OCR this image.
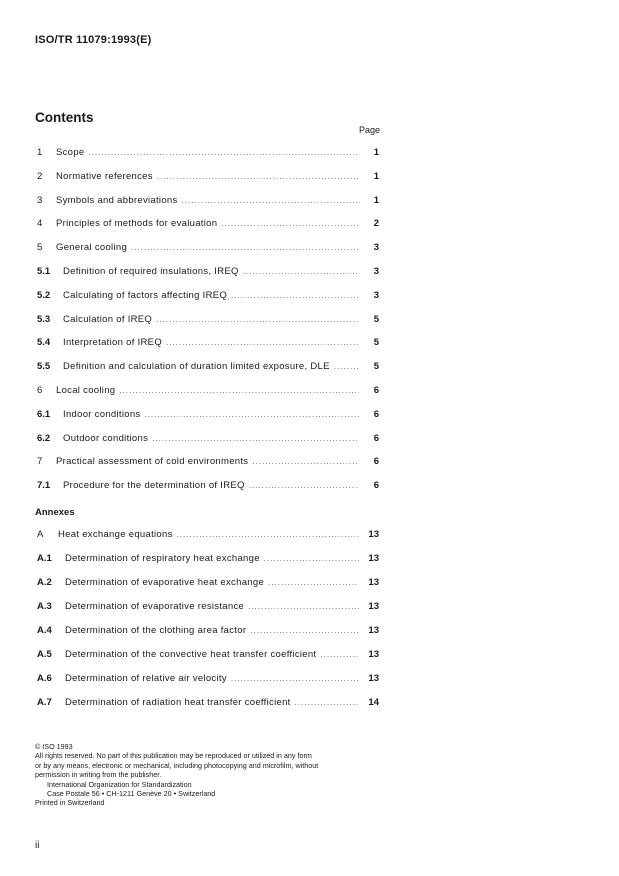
ISO/TR 11079:1993(E)
Contents
Page
1	Scope .....	1
2	Normative references .....	1
3	Symbols and abbreviations .....	1
4	Principles of methods for evaluation .....	2
5	General cooling .....	3
5.1	Definition of required insulations, IREQ .....	3
5.2	Calculating of factors affecting IREQ .....	3
5.3	Calculation of IREQ .....	5
5.4	Interpretation of IREQ .....	5
5.5	Definition and calculation of duration limited exposure, DLE .....	5
6	Local cooling .....	6
6.1	Indoor conditions .....	6
6.2	Outdoor conditions .....	6
7	Practical assessment of cold environments .....	6
7.1	Procedure for the determination of IREQ .....	6
Annexes
A	Heat exchange equations .....	13
A.1	Determination of respiratory heat exchange .....	13
A.2	Determination of evaporative heat exchange .....	13
A.3	Determination of evaporative resistance .....	13
A.4	Determination of the clothing area factor .....	13
A.5	Determination of the convective heat transfer coefficient .....	13
A.6	Determination of relative air velocity .....	13
A.7	Determination of radiation heat transfer coefficient .....	14
© ISO 1993
All rights reserved. No part of this publication may be reproduced or utilized in any form
or by any means, electronic or mechanical, including photocopying and microfilm, without
permission in writing from the publisher.
International Organization for Standardization
Case Postale 56 • CH-1211 Genève 20 • Switzerland
Printed in Switzerland
ii
